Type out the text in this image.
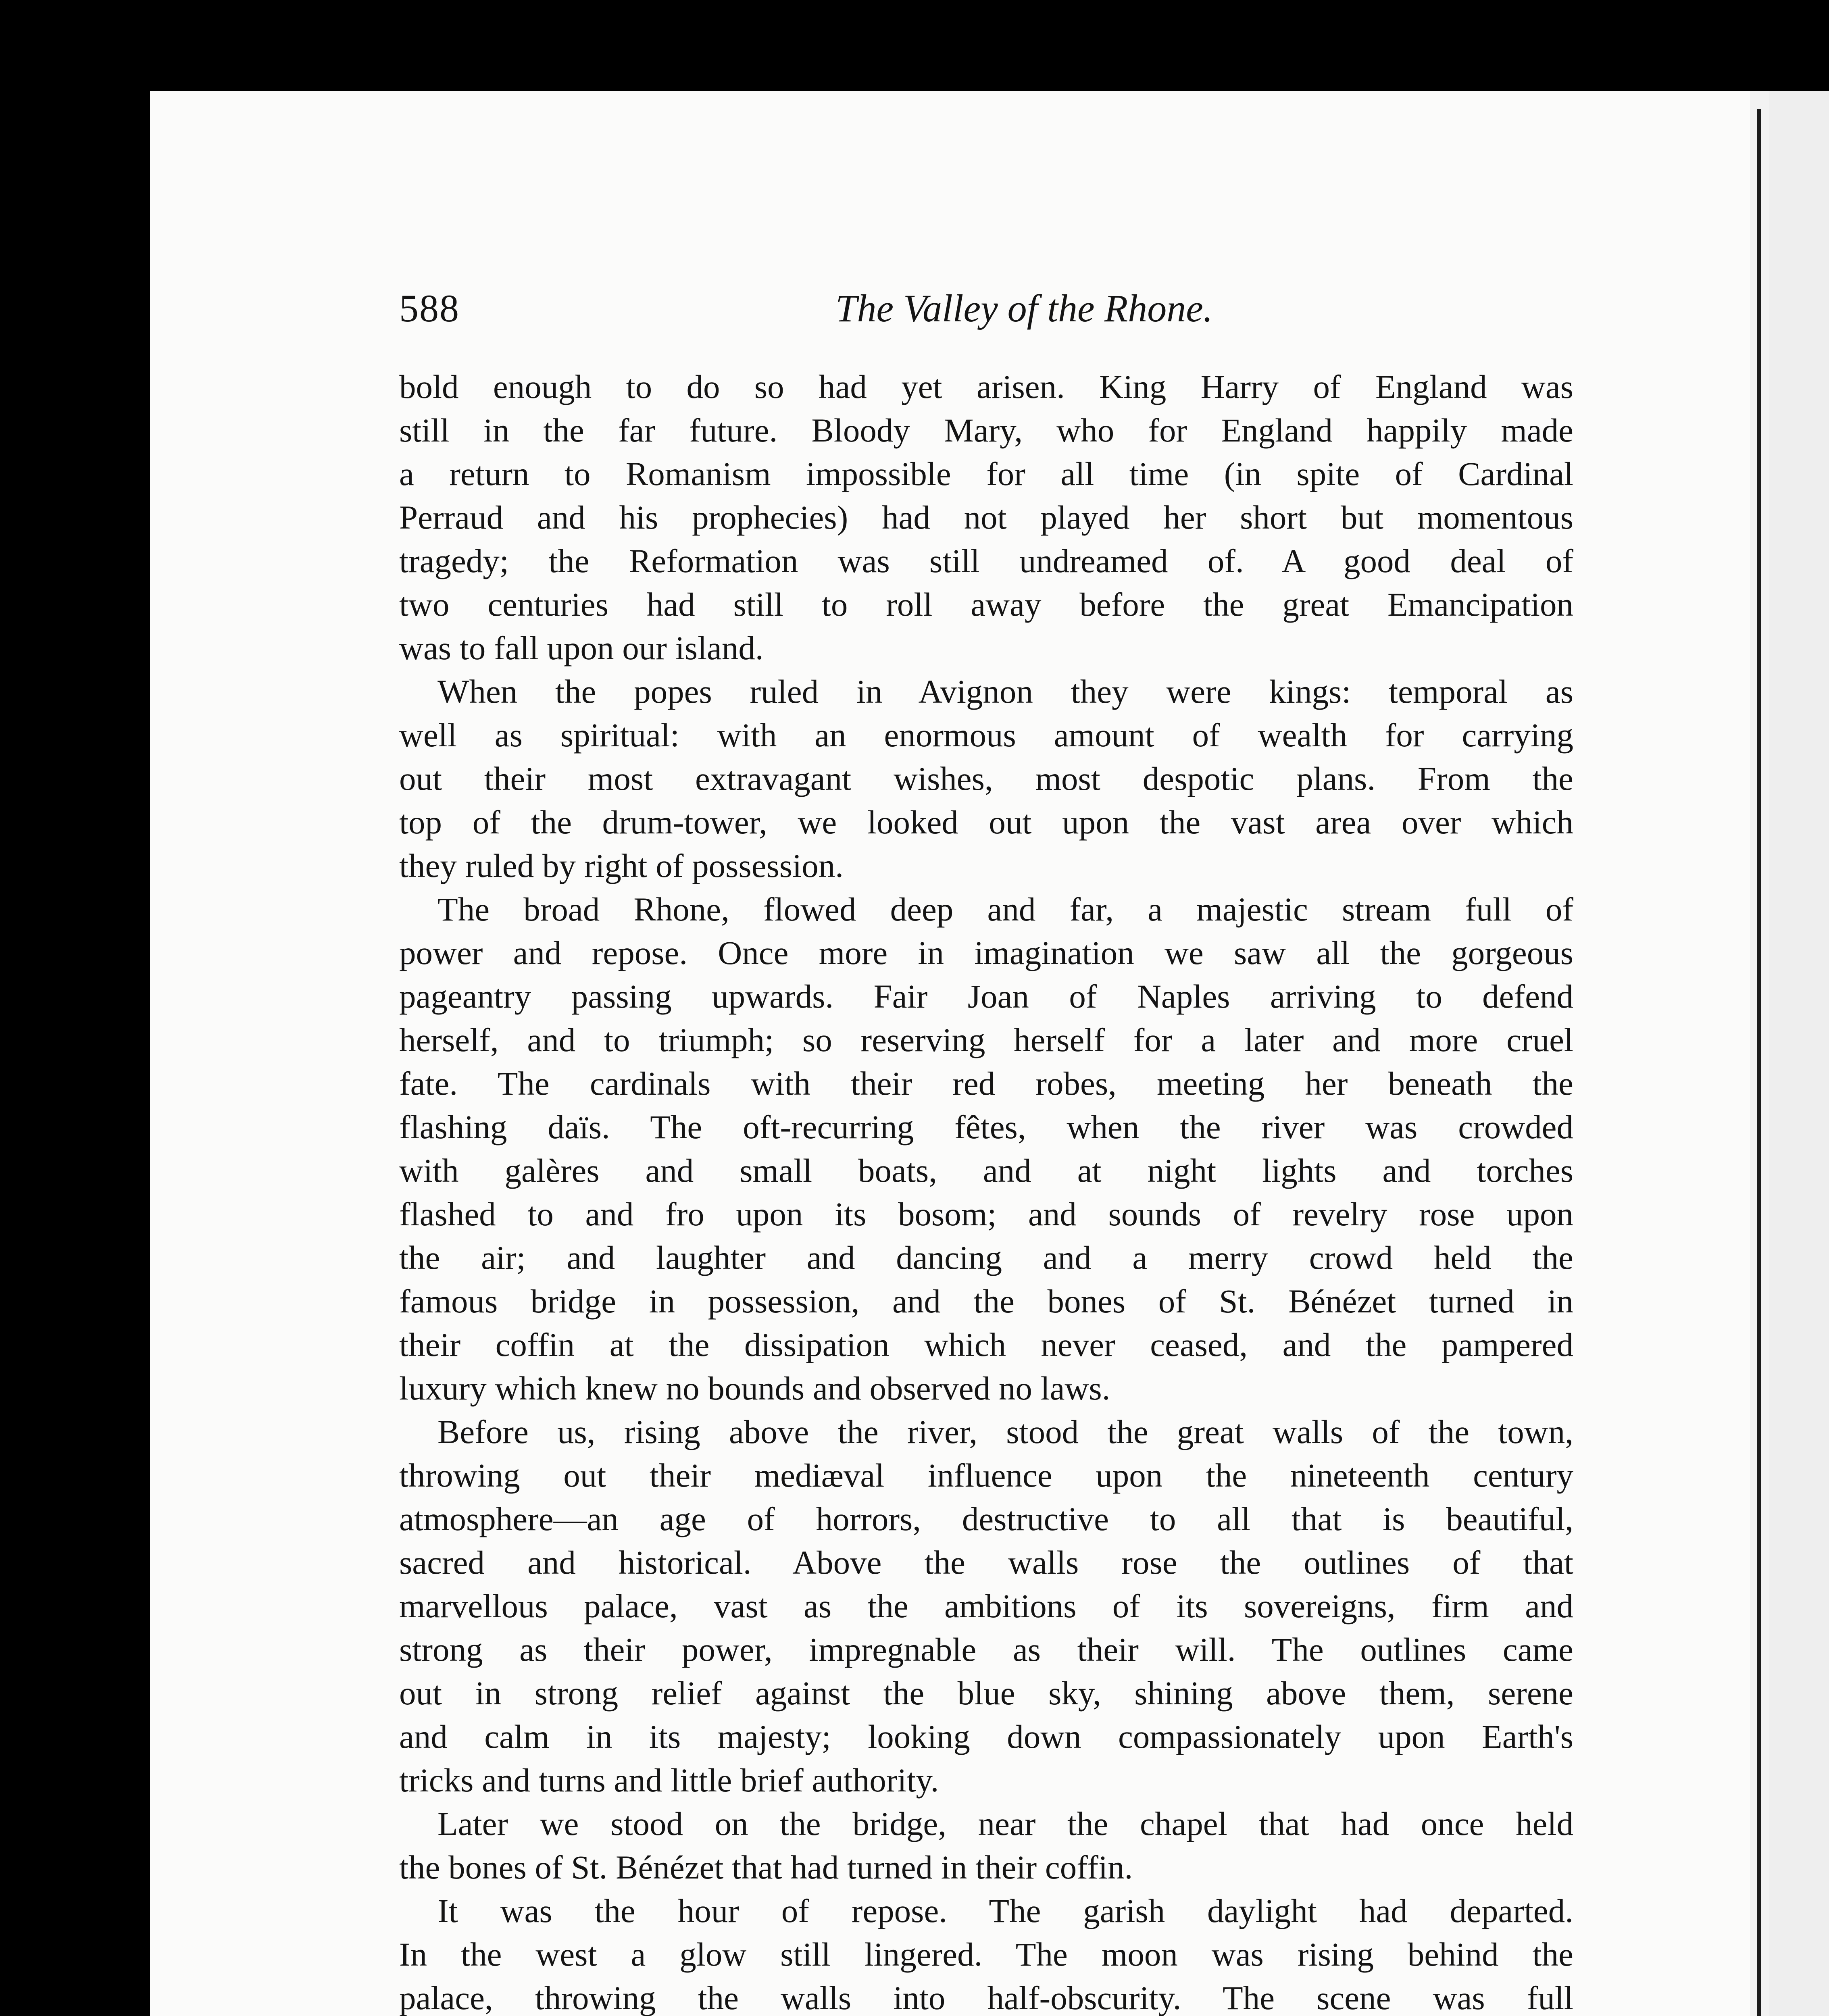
588	The Valley of the Rhone.
bold enough to do so had yet arisen. King Harry of England was
still in the far future. Bloody Mary, who for England happily made
a return to Romanism impossible for all time (in spite of Cardinal
Perraud and his prophecies) had not played her short but momentous
tragedy; the Reformation was still undreamed of. A good deal of
two centuries had still to roll away before the great Emancipation
was to fall upon our island.
When the popes ruled in Avignon they were kings: temporal as
well as spiritual: with an enormous amount of wealth for carrying
out their most extravagant wishes, most despotic plans. From the
top of the drum-tower, we looked out upon the vast area over which
they ruled by right of possession.
The broad Rhone, flowed deep and far, a majestic stream full of
power and repose. Once more in imagination we saw all the gorgeous
pageantry passing upwards. Fair Joan of Naples arriving to defend
herself, and to triumph; so reserving herself for a later and more cruel
fate. The cardinals with their red robes, meeting her beneath the
flashing daïs. The oft-recurring fêtes, when the river was crowded
with galères and small boats, and at night lights and torches
flashed to and fro upon its bosom; and sounds of revelry rose upon
the air; and laughter and dancing and a merry crowd held the
famous bridge in possession, and the bones of St. Bénézet turned in
their coffin at the dissipation which never ceased, and the pampered
luxury which knew no bounds and observed no laws.
Before us, rising above the river, stood the great walls of the town,
throwing out their mediæval influence upon the nineteenth century
atmosphere—an age of horrors, destructive to all that is beautiful,
sacred and historical. Above the walls rose the outlines of that
marvellous palace, vast as the ambitions of its sovereigns, firm and
strong as their power, impregnable as their will. The outlines came
out in strong relief against the blue sky, shining above them, serene
and calm in its majesty; looking down compassionately upon Earth's
tricks and turns and little brief authority.
Later we stood on the bridge, near the chapel that had once held
the bones of St. Bénézet that had turned in their coffin.
It was the hour of repose. The garish daylight had departed.
In the west a glow still lingered. The moon was rising behind the
palace, throwing the walls into half-obscurity. The scene was full
